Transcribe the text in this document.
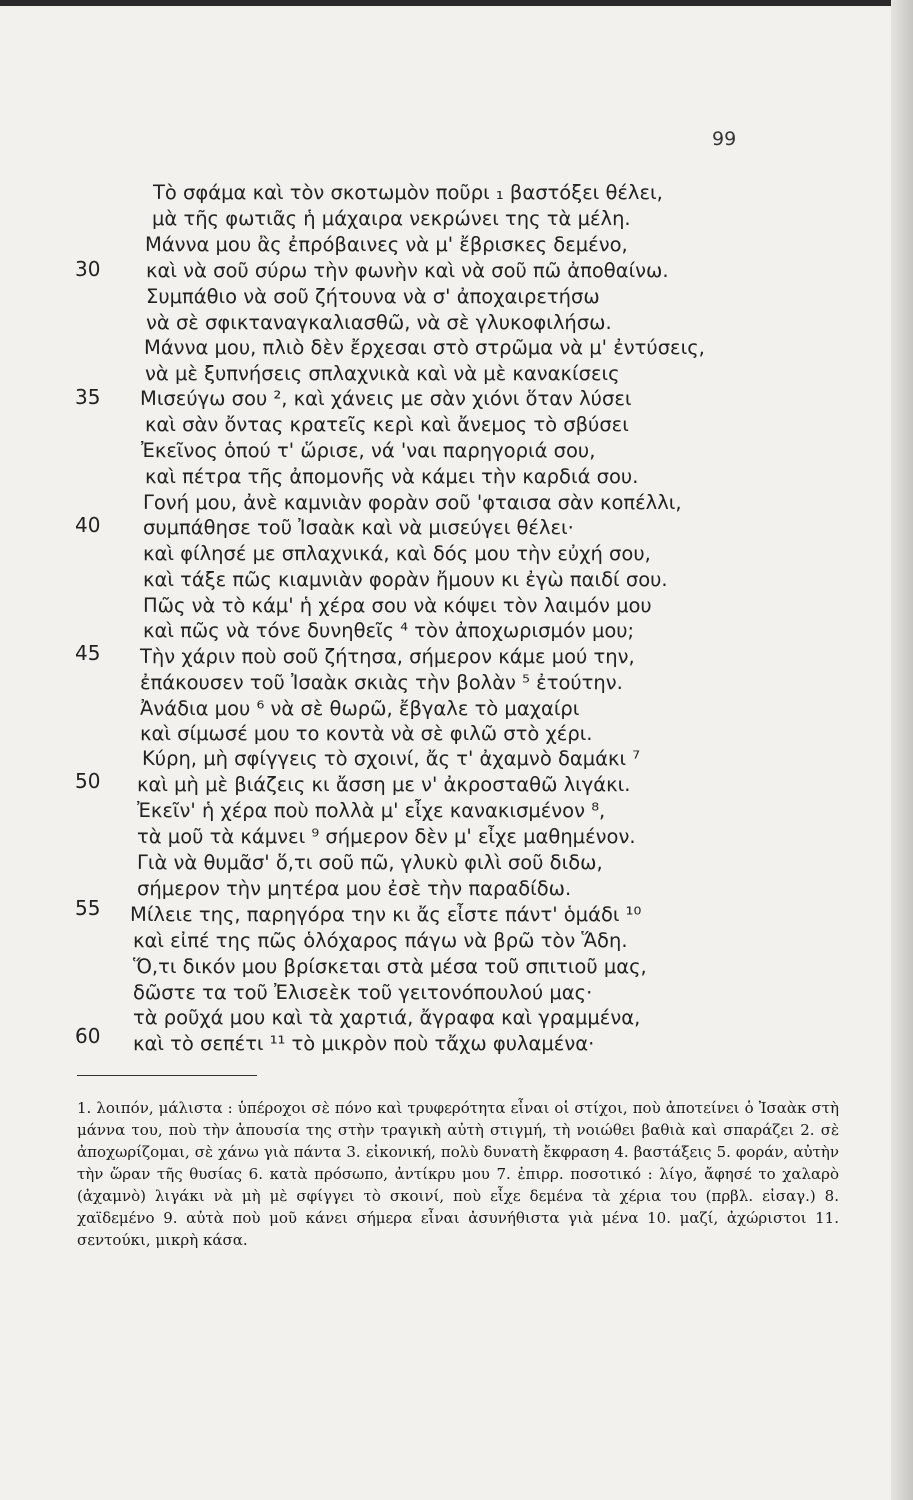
99
30
35
40
45
50
55
60
Τὸ σφάμα καὶ τὸν σκοτωμὸν ποῦρι ₁ βαστόξει θέλει,
μὰ τῆς φωτιᾶς ἡ μάχαιρα νεκρώνει της τὰ μέλη.
Μάννα μου ἂς ἐπρόβαινες νὰ μ' ἔβρισκες δεμένο,
καὶ νὰ σοῦ σύρω τὴν φωνὴν καὶ νὰ σοῦ πῶ ἀποθαίνω.
Συμπάθιο νὰ σοῦ ζήτουνα νὰ σ' ἀποχαιρετήσω
νὰ σὲ σφικταναγκαλιασθῶ, νὰ σὲ γλυκοφιλήσω.
Μάννα μου, πλιὸ δὲν ἔρχεσαι στὸ στρῶμα νὰ μ' ἐντύσεις,
νὰ μὲ ξυπνήσεις σπλαχνικὰ καὶ νὰ μὲ κανακίσεις
Μισεύγω σου ², καὶ χάνεις με σὰν χιόνι ὅταν λύσει
καὶ σὰν ὄντας κρατεῖς κερὶ καὶ ἄνεμος τὸ σβύσει
Ἐκεῖνος ὁπού τ' ὥρισε, νά 'ναι παρηγοριά σου,
καὶ πέτρα τῆς ἀπομονῆς νὰ κάμει τὴν καρδιά σου.
Γονή μου, ἀνὲ καμνιὰν φορὰν σοῦ 'φταισα σὰν κοπέλλι,
συμπάθησε τοῦ Ἰσαὰκ καὶ νὰ μισεύγει θέλει·
καὶ φίλησέ με σπλαχνικά, καὶ δός μου τὴν εὐχή σου,
καὶ τάξε πῶς κιαμνιὰν φορὰν ἤμουν κι ἐγὼ παιδί σου.
Πῶς νὰ τὸ κάμ' ἡ χέρα σου νὰ κόψει τὸν λαιμόν μου
καὶ πῶς νὰ τόνε δυνηθεῖς ⁴ τὸν ἀποχωρισμόν μου;
Τὴν χάριν ποὺ σοῦ ζήτησα, σήμερον κάμε μού την,
ἐπάκουσεν τοῦ Ἰσαὰκ σκιὰς τὴν βολὰν ⁵ ἐτούτην.
Ἀνάδια μου ⁶ νὰ σὲ θωρῶ, ἔβγαλε τὸ μαχαίρι
καὶ σίμωσέ μου το κοντὰ νὰ σὲ φιλῶ στὸ χέρι.
Κύρη, μὴ σφίγγεις τὸ σχοινί, ἄς τ' ἀχαμνὸ δαμάκι ⁷
καὶ μὴ μὲ βιάζεις κι ἄσση με ν' ἀκροσταθῶ λιγάκι.
Ἐκεῖν' ἡ χέρα ποὺ πολλὰ μ' εἶχε κανακισμένον ⁸,
τὰ μοῦ τὰ κάμνει ⁹ σήμερον δὲν μ' εἶχε μαθημένον.
Γιὰ νὰ θυμᾶσ' ὅ,τι σοῦ πῶ, γλυκὺ φιλὶ σοῦ διδω,
σήμερον τὴν μητέρα μου ἐσὲ τὴν παραδίδω.
Μίλειε της, παρηγόρα την κι ἄς εἶστε πάντ' ὁμάδι ¹⁰
καὶ εἰπέ της πῶς ὁλόχαρος πάγω νὰ βρῶ τὸν Ἅδη.
Ὅ,τι δικόν μου βρίσκεται στὰ μέσα τοῦ σπιτιοῦ μας,
δῶστε τα τοῦ Ἐλισεὲκ τοῦ γειτονόπουλού μας·
τὰ ροῦχά μου καὶ τὰ χαρτιά, ἄγραφα καὶ γραμμένα,
καὶ τὸ σεπέτι ¹¹ τὸ μικρὸν ποὺ τἄχω φυλαμένα·
1. λοιπόν, μάλιστα : ὑπέροχοι σὲ πόνο καὶ τρυφερότητα εἶναι οἱ στίχοι, ποὺ ἀποτείνει ὁ Ἰσαὰκ στὴ μάννα του, ποὺ τὴν ἀπουσία της στὴν τραγικὴ αὐτὴ στιγμή, τὴ νοιώθει βαθιὰ καὶ σπαράζει 2. σὲ ἀποχωρίζομαι, σὲ χάνω γιὰ πάντα 3. εἰκονική, πολὺ δυνατὴ ἔκφραση 4. βαστάξεις 5. φοράν, αὐτὴν τὴν ὥραν τῆς θυσίας 6. κατὰ πρόσωπο, ἀντίκρυ μου 7. ἐπιρρ. ποσοτικό : λίγο, ἄφησέ το χαλαρὸ (ἀχαμνὸ) λιγάκι νὰ μὴ μὲ σφίγγει τὸ σκοινί, ποὺ εἶχε δεμένα τὰ χέρια του (πρβλ. εἰσαγ.) 8. χαϊδεμένο 9. αὐτὰ ποὺ μοῦ κάνει σήμερα εἶναι ἀσυνήθιστα γιὰ μένα 10. μαζί, ἀχώριστοι 11. σεντούκι, μικρὴ κάσα.
